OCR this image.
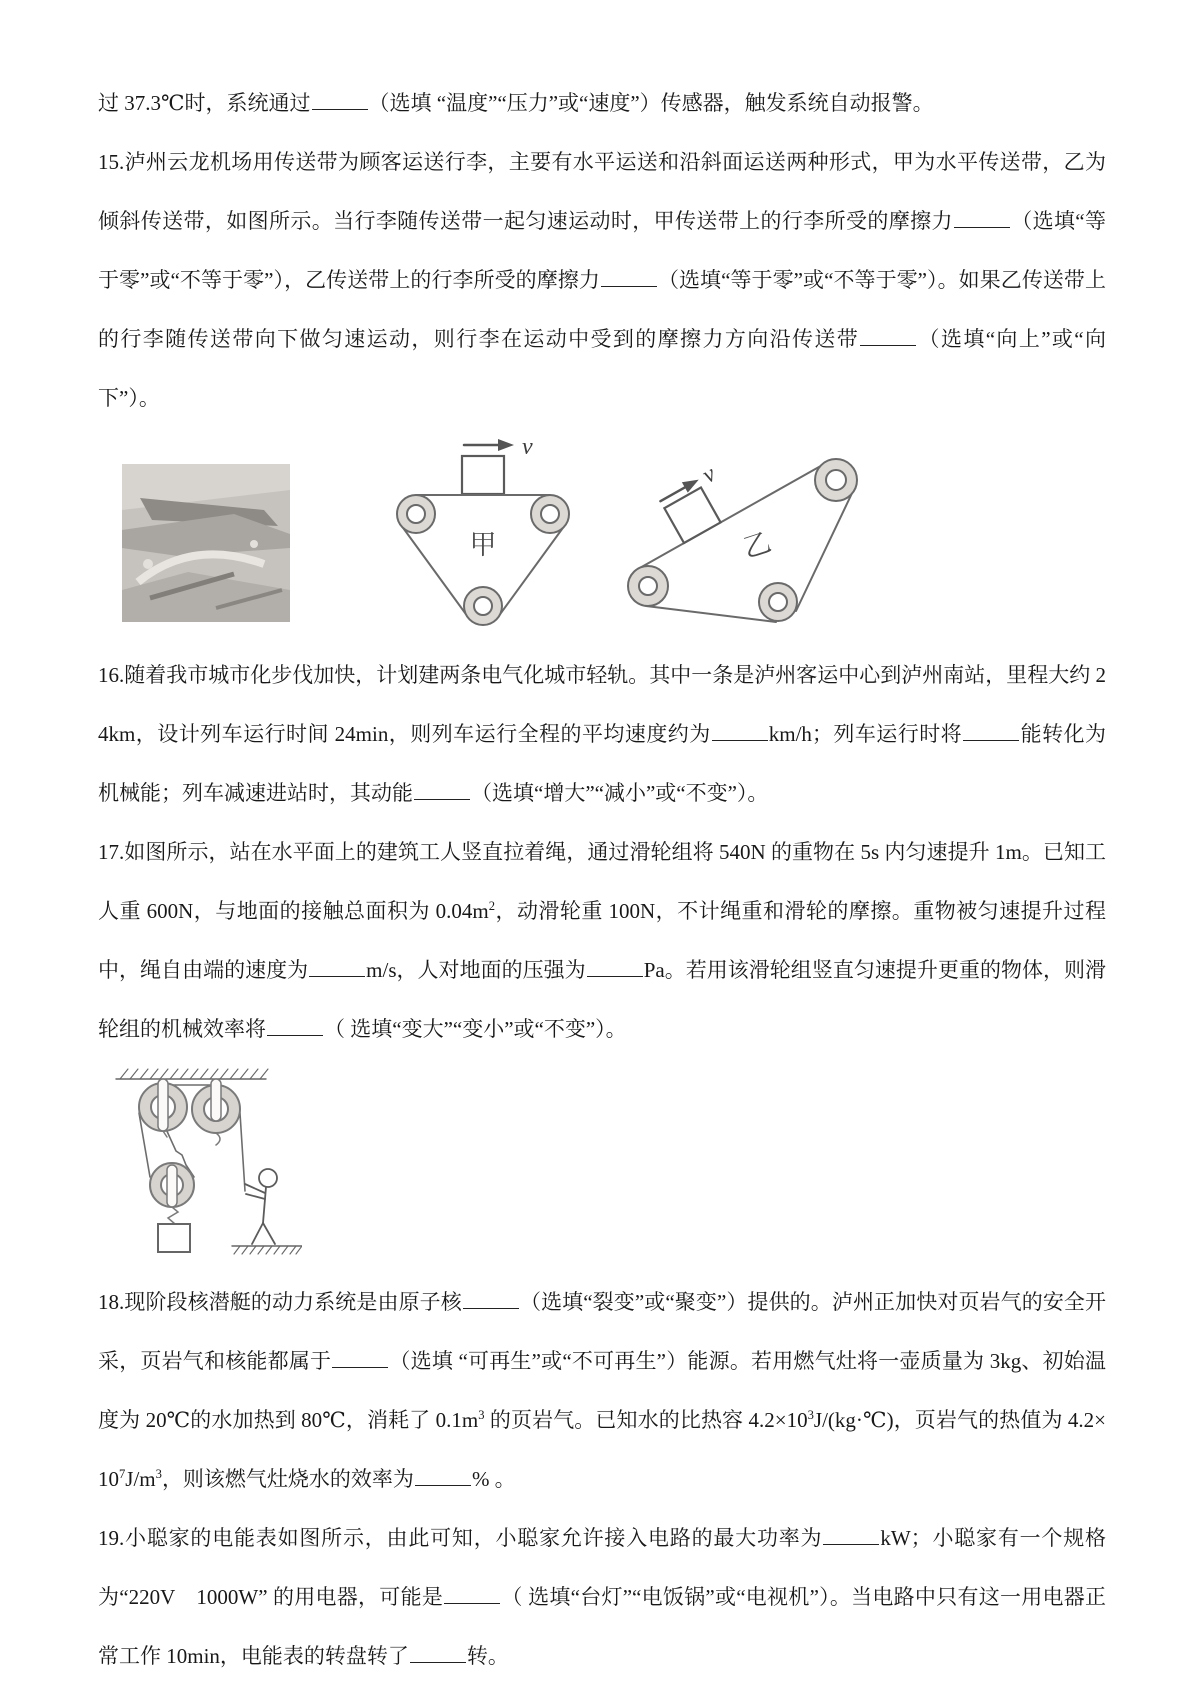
过 37.3℃时，系统通过	（选填 “温度”“压力”或“速度”）传感器，触发系统自动报警。

15.泸州云龙机场用传送带为顾客运送行李，主要有水平运送和沿斜面运送两种形式，甲为水平传送带，乙为倾斜传送带，如图所示。当行李随传送带一起匀速运动时，甲传送带上的行李所受的摩擦力	（选填“等于零”或“不等于零”），乙传送带上的行李所受的摩擦力	（选填“等于零”或“不等于零”）。如果乙传送带上的行李随传送带向下做匀速运动，则行李在运动中受到的摩擦力方向沿传送带	（选填“向上”或“向下”）。

v
甲
v
乙

16.随着我市城市化步伐加快，计划建两条电气化城市轻轨。其中一条是泸州客运中心到泸州南站，里程大约 24km，设计列车运行时间 24min，则列车运行全程的平均速度约为	km/h；列车运行时将	能转化为机械能；列车减速进站时，其动能	（选填“增大”“减小”或“不变”）。

17.如图所示，站在水平面上的建筑工人竖直拉着绳，通过滑轮组将 540N 的重物在 5s 内匀速提升 1m。已知工人重 600N，与地面的接触总面积为 $0.04m^2$，动滑轮重 100N，不计绳重和滑轮的摩擦。重物被匀速提升过程中，绳自由端的速度为	m/s，人对地面的压强为	Pa。若用该滑轮组竖直匀速提升更重的物体，则滑轮组的机械效率将	（ 选填“变大”“变小”或“不变”）。

18.现阶段核潜艇的动力系统是由原子核	（选填“裂变”或“聚变”）提供的。泸州正加快对页岩气的安全开采，页岩气和核能都属于	（选填 “可再生”或“不可再生”）能源。若用燃气灶将一壶质量为 3kg、初始温度为 20℃的水加热到 80℃，消耗了 $0.1m^3$ 的页岩气。已知水的比热容 $4.2\times 10^3J/(kg\cdot℃)$，页岩气的热值为 $4.2\times 10^7J/m^3$，则该燃气灶烧水的效率为	% 。

19.小聪家的电能表如图所示，由此可知，小聪家允许接入电路的最大功率为	kW；小聪家有一个规格为“220V　1000W” 的用电器，可能是	（ 选填“台灯”“电饭锅”或“电视机”）。当电路中只有这一用电器正常工作 10min，电能表的转盘转了	转。
